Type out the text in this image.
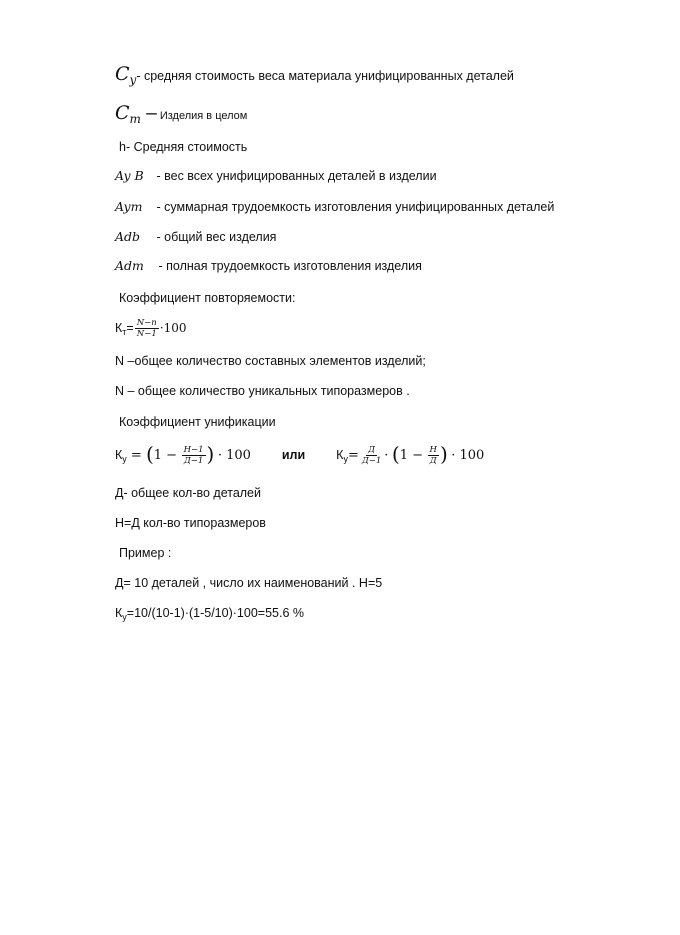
$C_y-$ средняя стоимость веса материала унифицированных деталей
$C_m$ – Изделия в целом
h- Средняя стоимость
Ay B - вес всех унифицированных деталей в изделии
Aym - суммарная трудоемкость изготовления унифицированных деталей
Adb - общий вес изделия
Adm - полная трудоемкость изготовления изделия
Коэффициент повторяемости:
$К_т= \frac{N-n}{N-1} \cdot 100$
N –общее количество составных элементов изделий;
N – общее количество уникальных типоразмеров .
Коэффициент унификации
$К_у = (1 - \frac{Н-1}{Д-1}$ ) · 100 или $К_у= \frac{Д}{Д-1} \cdot (1 - \frac{Н}{Д}$ ) · 100
Д- общее кол-во деталей
Н=Д кол-во типоразмеров
Пример :
Д= 10 деталей , число их наименований . Н=5
$К_у=10/(10-1)\cdot(1-5/10)\cdot 100=55.6$ %
